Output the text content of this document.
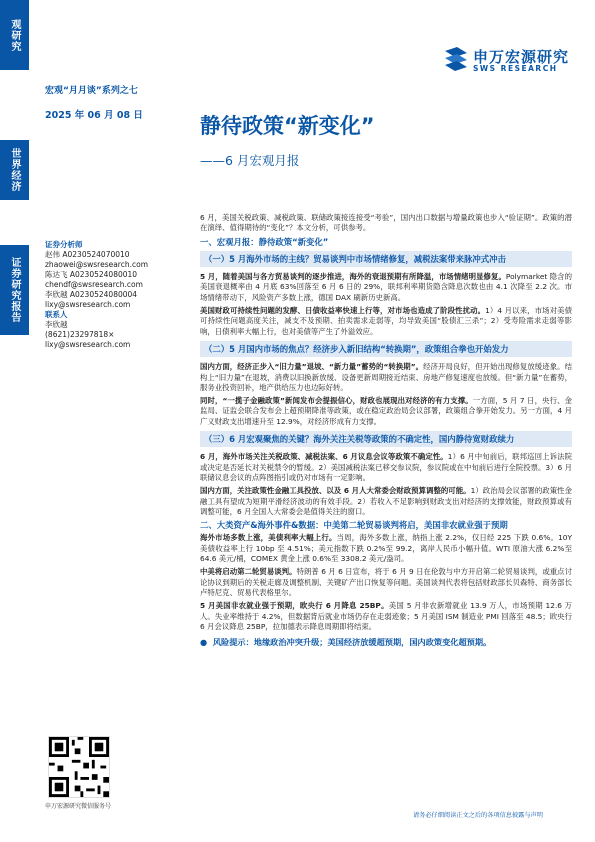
观研究
世界经济
证券研究报告
宏观“月月谈”系列之七
2025 年 06 月 08 日
申万宏源研究
SWS RESEARCH
静待政策“新变化”
——6 月宏观月报
证券分析师
赵伟 A0230524070010
zhaowei@swsresearch.com
陈达飞 A0230524080010
chendf@swsresearch.com
李欣越 A0230524080004
lixy@swsresearch.com
联系人
李欣越
(8621)23297818×
lixy@swsresearch.com
申万宏源研究微信服务号

6 月，美国关税政策、减税政策、联储政策接连接受“考验”，国内出口数据与增量政策也步入“验证期”。政策的潜在演绎、值得期待的“变化”？本文分析，可供参考。

一、宏观月报：静待政策“新变化”
（一）5 月海外市场的主线？贸易谈判中市场情绪修复，减税法案带来脉冲式冲击

5 月，随着美国与各方贸易谈判的逐步推进，海外的衰退预期有所降温，市场情绪明显修复。Polymarket 隐含的美国衰退概率由 4 月底 63%回落至 6 月 6 日的 29%，联邦利率期货隐含降息次数也由 4.1 次降至 2.2 次。市场情绪带动下，风险资产多数上涨，德国 DAX 刷新历史新高。

美国财政可持续性问题的发酵、日债收益率快速上行等，对市场也造成了阶段性扰动。1）4 月以来，市场对美债可持续性问题高度关注，减支不及预期、拍卖需求走弱等，均导致美国“股债汇三杀”；2）受寿险需求走弱等影响，日债利率大幅上行，也对美债等产生了外溢效应。

（二）5 月国内市场的焦点？经济步入新旧结构“转换期”，政策组合拳也开始发力

国内方面，经济正步入“旧力量”退坡、“新力量”蓄势的“转换期”。经济开局良好，但开始出现修复放缓迹象。结构上“旧力量”在退坡，消费以旧换新放缓、设备更新周期接近结束、房地产修复速度也放缓。但“新力量”在蓄势，服务业投资回补，地产供给压力也边际好转。

同时，“一揽子金融政策”新闻发布会提振信心，财政也展现出对经济的有力支撑。一方面，5 月 7 日，央行、金监局、证监会联合发布会上超预期降准等政策，或在稳定政治局会议部署，政策组合拳开始发力。另一方面，4 月广义财政支出增速升至 12.9%，对经济形成有力支撑。

（三）6 月宏观聚焦的关键？海外关注关税等政策的不确定性，国内静待宽财政续力

6 月，海外市场关注关税政策、减税法案、6 月议息会议等政策不确定性。1）6 月中旬前后，联邦巡回上诉法院或决定是否延长对关税禁令的暂缓。2）美国减税法案已移交参议院，参议院或在中旬前后进行全院投票。3）6 月联储议息会议的点阵图指引或仍对市场有一定影响。

国内方面，关注政策性金融工具投放、以及 6 月人大常委会财政预算调整的可能。1）政治局会议部署的政策性金融工具有望成为短期平滑经济波动的有效手段。2）若收入不足影响到财政支出对经济的支撑效能，财政预算或有调整可能，6 月全国人大常委会是值得关注的窗口。

二、大类资产&海外事件&数据：中美第二轮贸易谈判将启，美国非农就业强于预期

海外市场多数上涨，美债利率大幅上行。当周，海外多数上涨，纳指上涨 2.2%，仅日经 225 下跌 0.6%。10Y 美债收益率上行 10bp 至 4.51%；美元指数下跌 0.2%至 99.2，离岸人民币小幅升值。WTI 原油大涨 6.2%至 64.6 美元/桶，COMEX 黄金上涨 0.6%至 3308.2 美元/盎司。

中美将启动第二轮贸易谈判。特朗普 6 月 6 日宣布，将于 6 月 9 日在伦敦与中方开启第二轮贸易谈判，或重点讨论协议到期后的关税走廊及调整机制、关键矿产出口恢复等问题。美国谈判代表将包括财政部长贝森特、商务部长卢特尼克、贸易代表格里尔。

5 月美国非农就业强于预期，欧央行 6 月降息 25BP。美国 5 月非农新增就业 13.9 万人，市场预期 12.6 万人。失业率维持于 4.2%，但数据背后就业市场仍存在走弱迹象；5 月美国 ISM 制造业 PMI 回落至 48.5；欧央行 6 月会议降息 25BP，拉加德表示降息周期即将结束。

●  风险提示：地缘政治冲突升级；美国经济放缓超预期，国内政策变化超预期。
请务必仔细阅读正文之后的各项信息披露与声明
